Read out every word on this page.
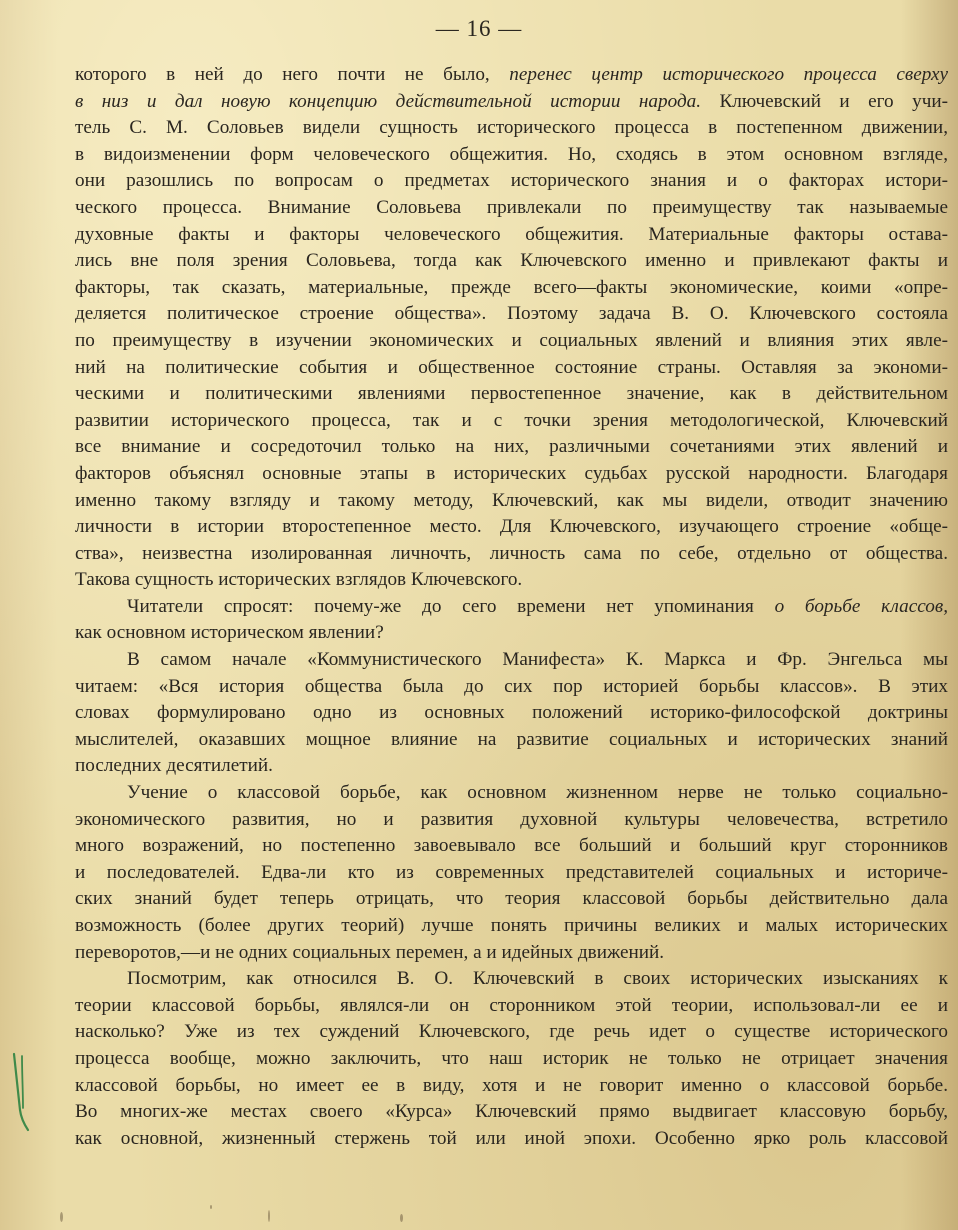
— 16 —
которого в ней до него почти не было, перенес центр исторического процесса сверху
в низ и дал новую концепцию действительной истории народа. Ключевский и его учи-
тель С. М. Соловьев видели сущность исторического процесса в постепенном движении,
в видоизменении форм человеческого общежития. Но, сходясь в этом основном взгляде,
они разошлись по вопросам о предметах исторического знания и о факторах истори-
ческого процесса. Внимание Соловьева привлекали по преимуществу так называемые
духовные факты и факторы человеческого общежития. Материальные факторы остава-
лись вне поля зрения Соловьева, тогда как Ключевского именно и привлекают факты и
факторы, так сказать, материальные, прежде всего—факты экономические, коими «опре-
деляется политическое строение общества». Поэтому задача В. О. Ключевского состояла
по преимуществу в изучении экономических и социальных явлений и влияния этих явле-
ний на политические события и общественное состояние страны. Оставляя за экономи-
ческими и политическими явлениями первостепенное значение, как в действительном
развитии исторического процесса, так и с точки зрения методологической, Ключевский
все внимание и сосредоточил только на них, различными сочетаниями этих явлений и
факторов объяснял основные этапы в исторических судьбах русской народности. Благодаря
именно такому взгляду и такому методу, Ключевский, как мы видели, отводит значению
личности в истории второстепенное место. Для Ключевского, изучающего строение «обще-
ства», неизвестна изолированная личночть, личность сама по себе, отдельно от общества.
Такова сущность исторических взглядов Ключевского.
Читатели спросят: почему-же до сего времени нет упоминания о борьбе классов,
как основном историческом явлении?
В самом начале «Коммунистического Манифеста» К. Маркса и Фр. Энгельса мы
читаем: «Вся история общества была до сих пор историей борьбы классов». В этих
словах формулировано одно из основных положений историко-философской доктрины
мыслителей, оказавших мощное влияние на развитие социальных и исторических знаний
последних десятилетий.
Учение о классовой борьбе, как основном жизненном нерве не только социально-
экономического развития, но и развития духовной культуры человечества, встретило
много возражений, но постепенно завоевывало все больший и больший круг сторонников
и последователей. Едва-ли кто из современных представителей социальных и историче-
ских знаний будет теперь отрицать, что теория классовой борьбы действительно дала
возможность (более других теорий) лучше понять причины великих и малых исторических
переворотов,—и не одних социальных перемен, а и идейных движений.
Посмотрим, как относился В. О. Ключевский в своих исторических изысканиях к
теории классовой борьбы, являлся-ли он сторонником этой теории, использовал-ли ее и
насколько? Уже из тех суждений Ключевского, где речь идет о существе исторического
процесса вообще, можно заключить, что наш историк не только не отрицает значения
классовой борьбы, но имеет ее в виду, хотя и не говорит именно о классовой борьбе.
Во многих-же местах своего «Курса» Ключевский прямо выдвигает классовую борьбу,
как основной, жизненный стержень той или иной эпохи. Особенно ярко роль классовой
